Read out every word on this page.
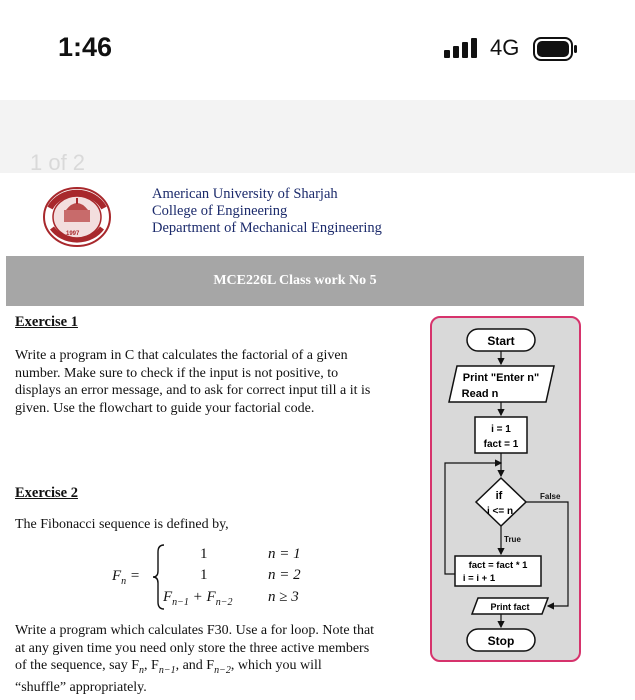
1:46	4G
1 of 2
1997
American University of Sharjah
College of Engineering
Department of Mechanical Engineering
MCE226L Class work No 5
Exercise 1
Write a program in C that calculates the factorial of a given
number. Make sure to check if the input is not positive, to
displays an error message, and to ask for correct input till a it is
given. Use the flowchart to guide your factorial code.
Exercise 2
The Fibonacci sequence is defined by,
$F_n$ =
1	n = 1
1	n = 2
$F_{n-1} + F_{n-2}$ n ≥ 3
Write a program which calculates F30. Use a for loop. Note that
at any given time you need only store the three active members
of the sequence, say $F_n$, $F_{n-1}$, and $F_{n-2}$, which you will
“shuffle” appropriately.
Start
Print "Enter n"
Read n
i = 1
fact = 1
if
i <= n
False
True
fact = fact * 1
i = i + 1
Print fact
Stop
